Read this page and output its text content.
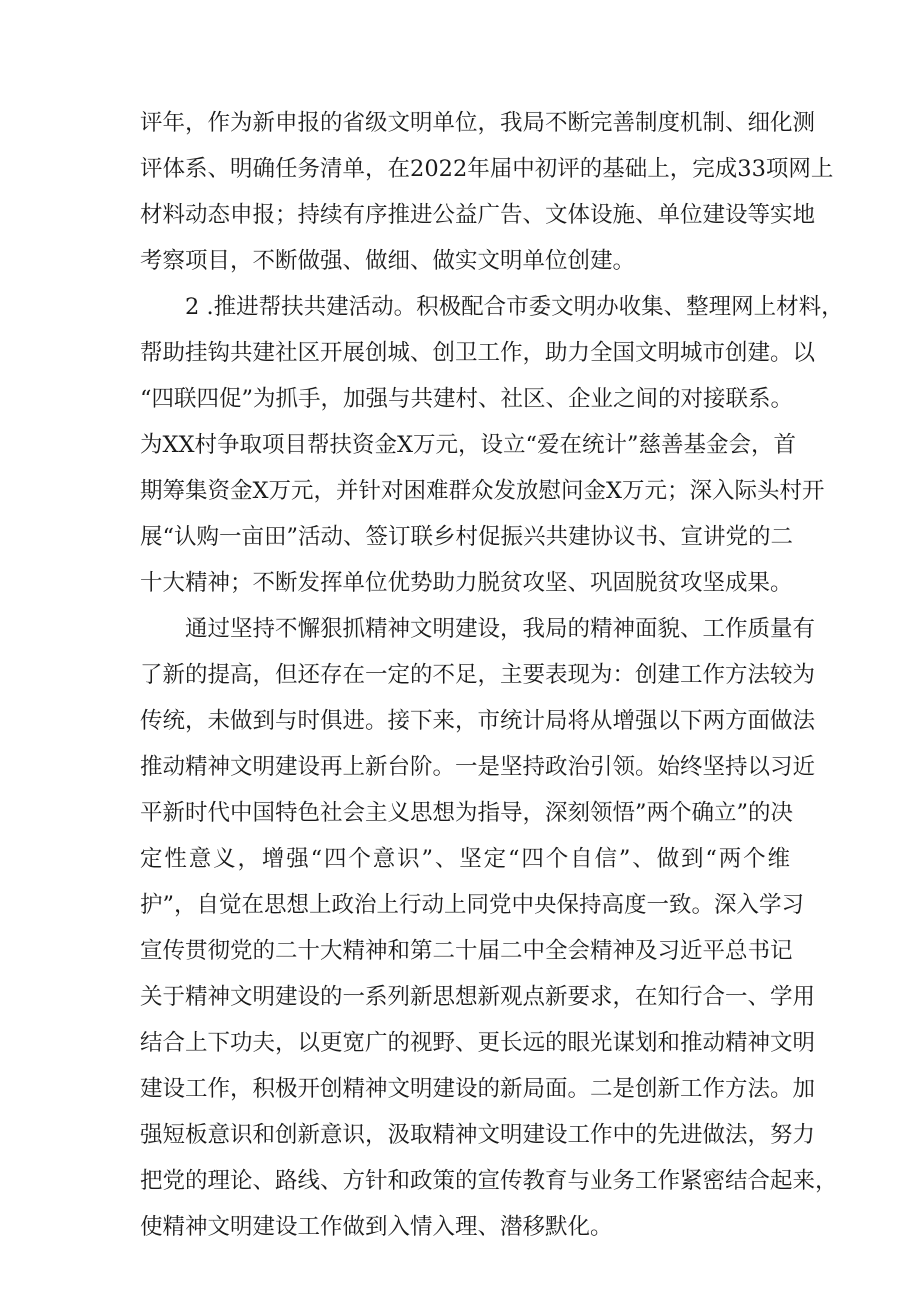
评年，作为新申报的省级文明单位，我局不断完善制度机制、细化测
评体系、明确任务清单，在2022年届中初评的基础上，完成33项网上
材料动态申报；持续有序推进公益广告、文体设施、单位建设等实地
考察项目，不断做强、做细、做实文明单位创建。
2 .推进帮扶共建活动。积极配合市委文明办收集、整理网上材料，
帮助挂钩共建社区开展创城、创卫工作，助力全国文明城市创建。以
“四联四促”为抓手，加强与共建村、社区、企业之间的对接联系。
为XX村争取项目帮扶资金X万元，设立“爱在统计”慈善基金会，首
期筹集资金X万元，并针对困难群众发放慰问金X万元；深入际头村开
展“认购一亩田”活动、签订联乡村促振兴共建协议书、宣讲党的二
十大精神；不断发挥单位优势助力脱贫攻坚、巩固脱贫攻坚成果。
通过坚持不懈狠抓精神文明建设，我局的精神面貌、工作质量有
了新的提高，但还存在一定的不足，主要表现为：创建工作方法较为
传统，未做到与时俱进。接下来，市统计局将从增强以下两方面做法
推动精神文明建设再上新台阶。一是坚持政治引领。始终坚持以习近
平新时代中国特色社会主义思想为指导，深刻领悟”两个确立”的决
定性意义，增强“四个意识”、坚定“四个自信”、做到“两个维
护”，自觉在思想上政治上行动上同党中央保持高度一致。深入学习
宣传贯彻党的二十大精神和第二十届二中全会精神及习近平总书记
关于精神文明建设的一系列新思想新观点新要求，在知行合一、学用
结合上下功夫，以更宽广的视野、更长远的眼光谋划和推动精神文明
建设工作，积极开创精神文明建设的新局面。二是创新工作方法。加
强短板意识和创新意识，汲取精神文明建设工作中的先进做法，努力
把党的理论、路线、方针和政策的宣传教育与业务工作紧密结合起来，
使精神文明建设工作做到入情入理、潜移默化。
